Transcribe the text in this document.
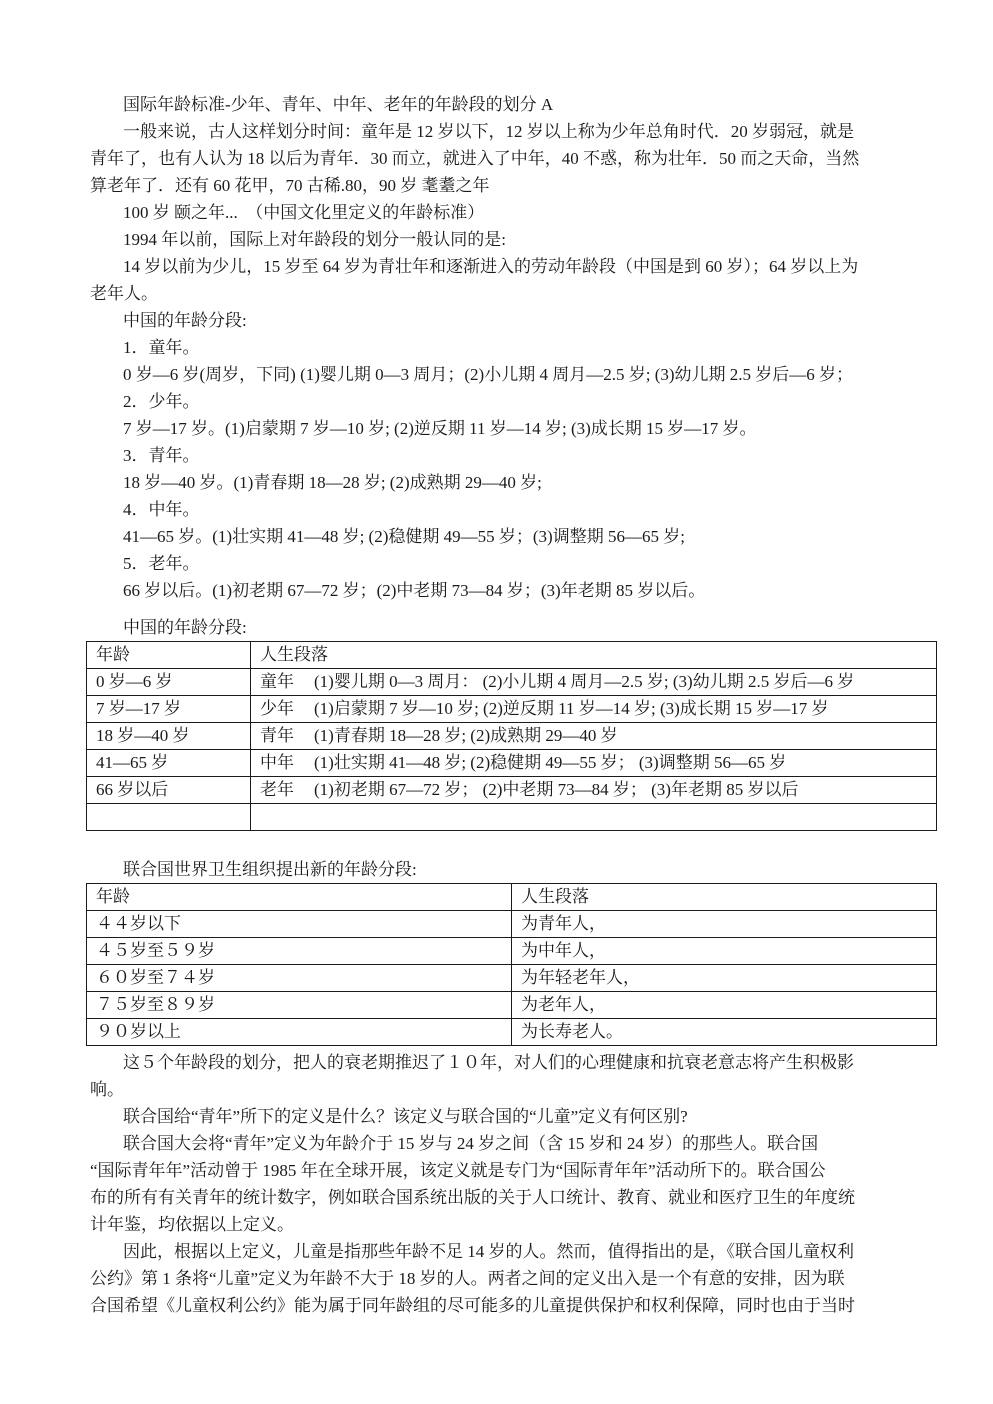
国际年龄标准-少年、青年、中年、老年的年龄段的划分 A
一般来说，古人这样划分时间：童年是 12 岁以下，12 岁以上称为少年总角时代．20 岁弱冠，就是
青年了，也有人认为 18 以后为青年．30 而立，就进入了中年，40 不惑，称为壮年．50 而之天命，当然
算老年了．还有 60 花甲，70 古稀.80，90 岁 耄耋之年
100 岁 颐之年...　（中国文化里定义的年龄标准）
1994 年以前，国际上对年龄段的划分一般认同的是:
14 岁以前为少儿，15 岁至 64 岁为青壮年和逐渐进入的劳动年龄段（中国是到 60 岁）；64 岁以上为
老年人。
中国的年龄分段:
1．童年。
0 岁—6 岁(周岁，下同) (1)婴儿期 0—3 周月；(2)小儿期 4 周月—2.5 岁; (3)幼儿期 2.5 岁后—6 岁；
2．少年。
7 岁—17 岁。(1)启蒙期 7 岁—10 岁; (2)逆反期 11 岁—14 岁; (3)成长期 15 岁—17 岁。
3．青年。
18 岁—40 岁。(1)青春期 18—28 岁; (2)成熟期 29—40 岁;
4．中年。
41—65 岁。(1)壮实期 41—48 岁; (2)稳健期 49—55 岁；(3)调整期 56—65 岁;
5．老年。
66 岁以后。(1)初老期 67—72 岁；(2)中老期 73—84 岁；(3)年老期 85 岁以后。
中国的年龄分段:
年龄	人生段落
0 岁—6 岁	童年 (1)婴儿期 0—3 周月： (2)小儿期 4 周月—2.5 岁; (3)幼儿期 2.5 岁后—6 岁
7 岁—17 岁	少年 (1)启蒙期 7 岁—10 岁; (2)逆反期 11 岁—14 岁; (3)成长期 15 岁—17 岁
18 岁—40 岁	青年 (1)青春期 18—28 岁; (2)成熟期 29—40 岁
41—65 岁	中年 (1)壮实期 41—48 岁; (2)稳健期 49—55 岁； (3)调整期 56—65 岁
66 岁以后	老年 (1)初老期 67—72 岁； (2)中老期 73—84 岁； (3)年老期 85 岁以后

联合国世界卫生组织提出新的年龄分段:
年龄	人生段落
４４岁以下	为青年人，
４５岁至５９岁	为中年人，
６０岁至７４岁	为年轻老年人，
７５岁至８９岁	为老年人，
９０岁以上	为长寿老人。
这５个年龄段的划分，把人的衰老期推迟了１０年，对人们的心理健康和抗衰老意志将产生积极影
响。
联合国给“青年”所下的定义是什么？该定义与联合国的“儿童”定义有何区别?
联合国大会将“青年”定义为年龄介于 15 岁与 24 岁之间（含 15 岁和 24 岁）的那些人。联合国
“国际青年年”活动曾于 1985 年在全球开展，该定义就是专门为“国际青年年”活动所下的。联合国公
布的所有有关青年的统计数字，例如联合国系统出版的关于人口统计、教育、就业和医疗卫生的年度统
计年鉴，均依据以上定义。
因此，根据以上定义，儿童是指那些年龄不足 14 岁的人。然而，值得指出的是，《联合国儿童权利
公约》第 1 条将“儿童”定义为年龄不大于 18 岁的人。两者之间的定义出入是一个有意的安排，因为联
合国希望《儿童权利公约》能为属于同年龄组的尽可能多的儿童提供保护和权利保障，同时也由于当时
